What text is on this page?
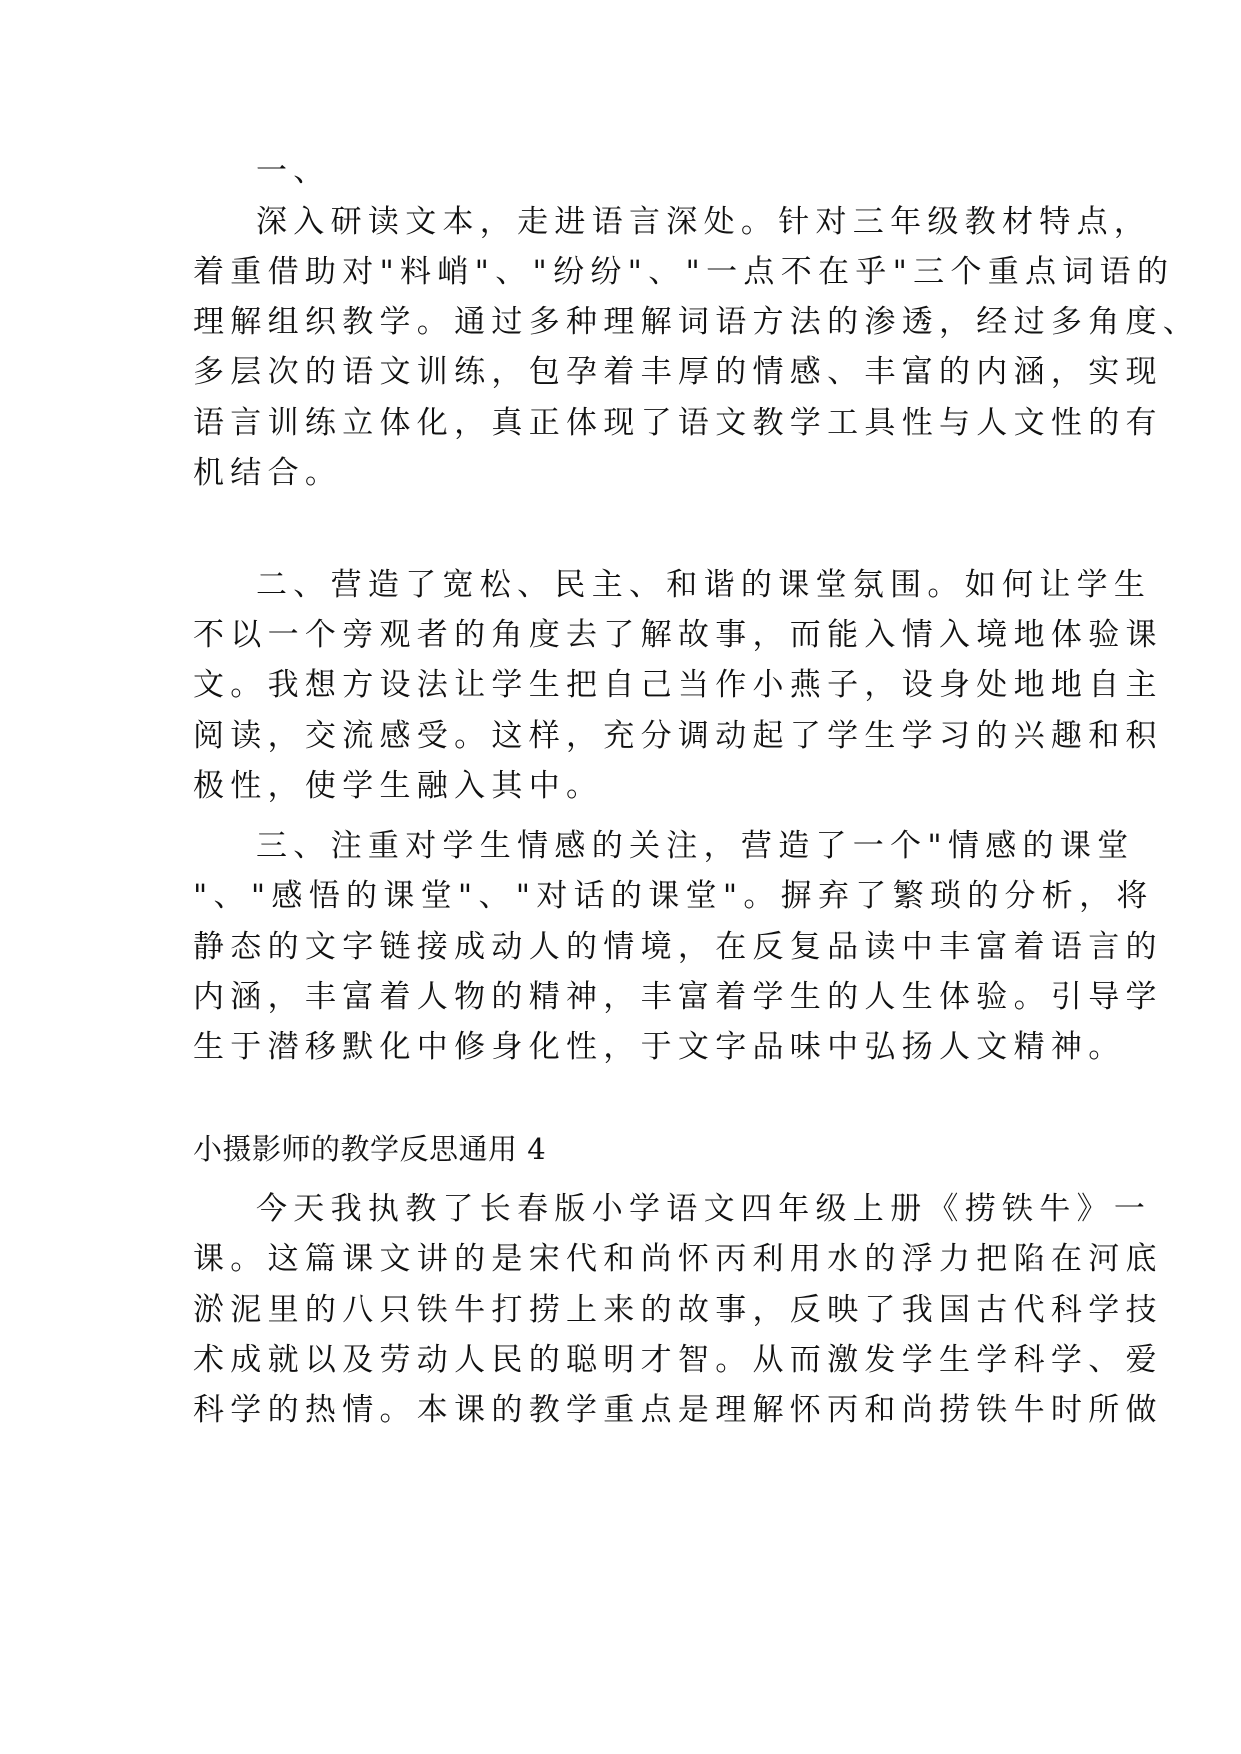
一、

深入研读文本，走进语言深处。针对三年级教材特点，

着重借助对"料峭"、"纷纷"、"一点不在乎"三个重点词语的

理解组织教学。通过多种理解词语方法的渗透，经过多角度、

多层次的语文训练，包孕着丰厚的情感、丰富的内涵，实现

语言训练立体化，真正体现了语文教学工具性与人文性的有

机结合。

二、营造了宽松、民主、和谐的课堂氛围。如何让学生

不以一个旁观者的角度去了解故事，而能入情入境地体验课

文。我想方设法让学生把自己当作小燕子，设身处地地自主

阅读，交流感受。这样，充分调动起了学生学习的兴趣和积

极性，使学生融入其中。

三、注重对学生情感的关注，营造了一个"情感的课堂

"、"感悟的课堂"、"对话的课堂"。摒弃了繁琐的分析，将

静态的文字链接成动人的情境，在反复品读中丰富着语言的

内涵，丰富着人物的精神，丰富着学生的人生体验。引导学

生于潜移默化中修身化性，于文字品味中弘扬人文精神。

小摄影师的教学反思通用 4

今天我执教了长春版小学语文四年级上册《捞铁牛》一

课。这篇课文讲的是宋代和尚怀丙利用水的浮力把陷在河底

淤泥里的八只铁牛打捞上来的故事，反映了我国古代科学技

术成就以及劳动人民的聪明才智。从而激发学生学科学、爱

科学的热情。本课的教学重点是理解怀丙和尚捞铁牛时所做
